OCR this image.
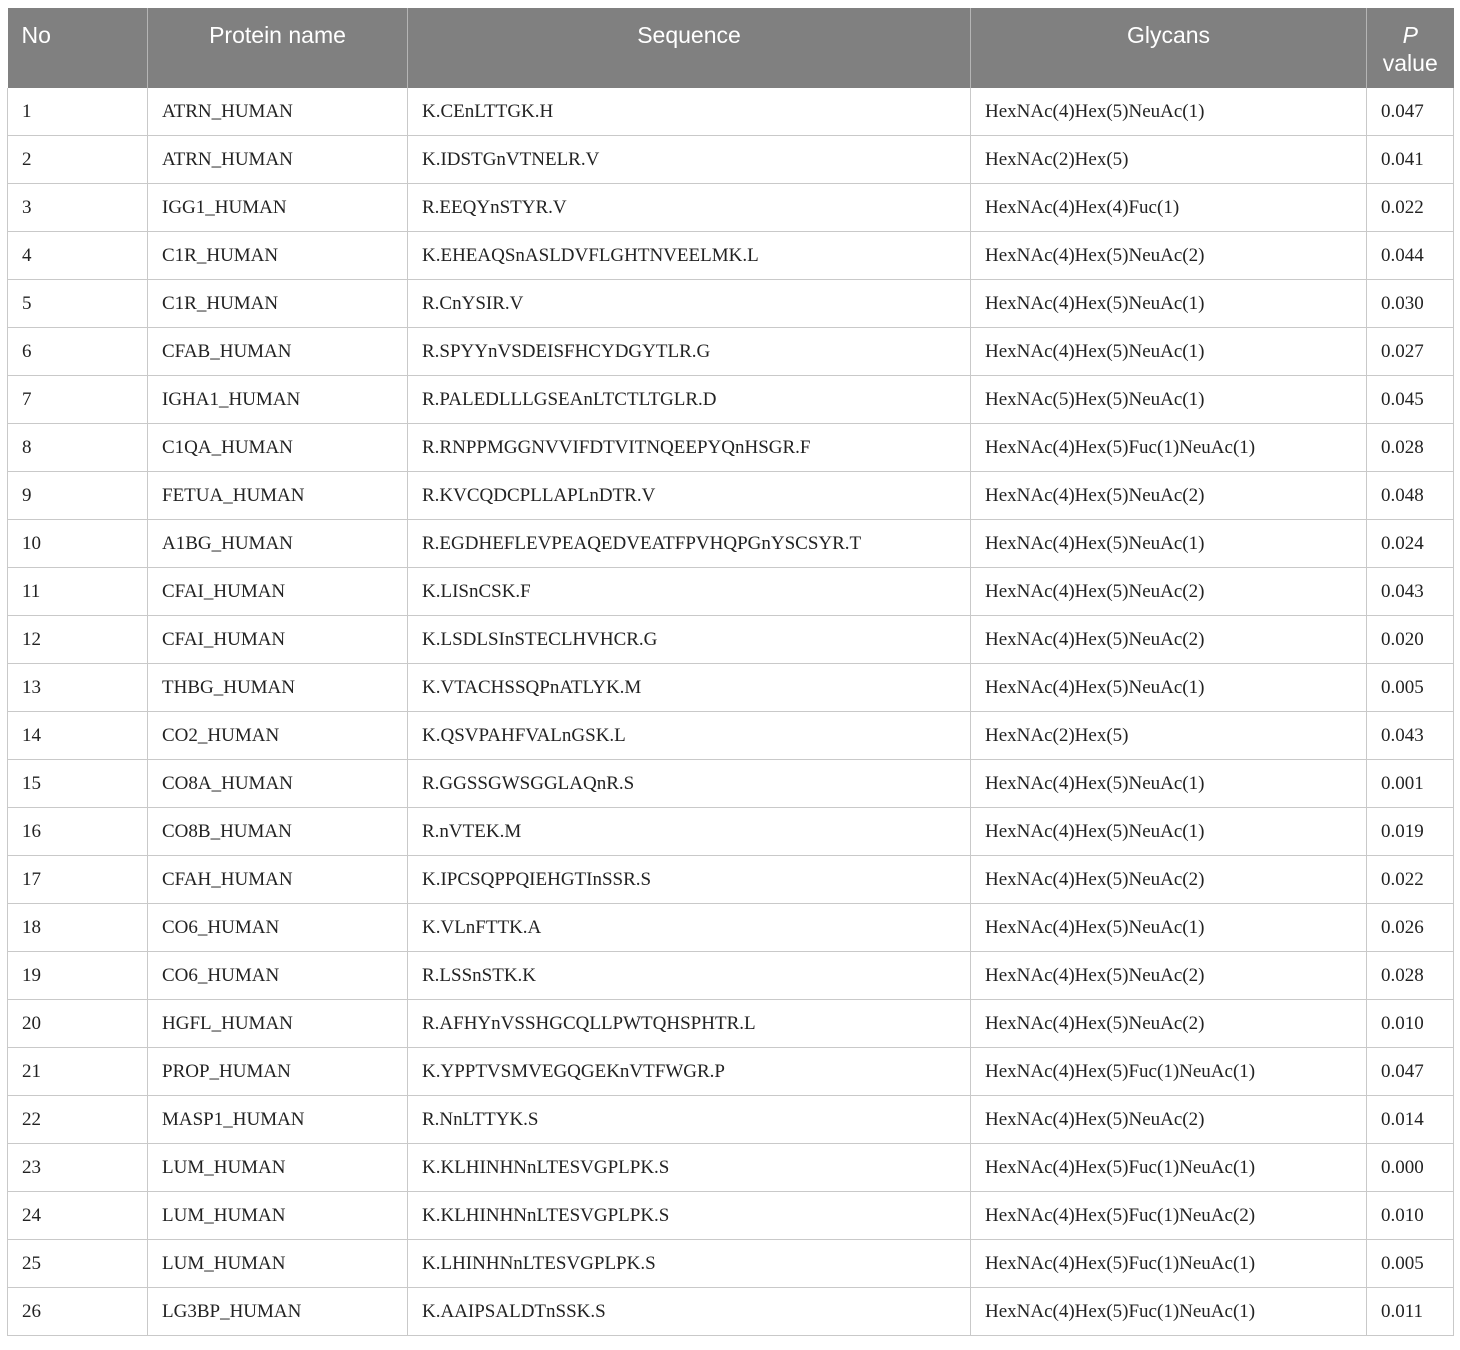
No	Protein name	Sequence	Glycans	P
value

1	ATRN_HUMAN	K.CEnLTTGK.H	HexNAc(4)Hex(5)NeuAc(1)	0.047
2	ATRN_HUMAN	K.IDSTGnVTNELR.V	HexNAc(2)Hex(5)	0.041
3	IGG1_HUMAN	R.EEQYnSTYR.V	HexNAc(4)Hex(4)Fuc(1)	0.022
4	C1R_HUMAN	K.EHEAQSnASLDVFLGHTNVEELMK.L	HexNAc(4)Hex(5)NeuAc(2)	0.044
5	C1R_HUMAN	R.CnYSIR.V	HexNAc(4)Hex(5)NeuAc(1)	0.030
6	CFAB_HUMAN	R.SPYYnVSDEISFHCYDGYTLR.G	HexNAc(4)Hex(5)NeuAc(1)	0.027
7	IGHA1_HUMAN	R.PALEDLLLGSEAnLTCTLTGLR.D	HexNAc(5)Hex(5)NeuAc(1)	0.045
8	C1QA_HUMAN	R.RNPPMGGNVVIFDTVITNQEEPYQnHSGR.F	HexNAc(4)Hex(5)Fuc(1)NeuAc(1)	0.028
9	FETUA_HUMAN	R.KVCQDCPLLAPLnDTR.V	HexNAc(4)Hex(5)NeuAc(2)	0.048
10	A1BG_HUMAN	R.EGDHEFLEVPEAQEDVEATFPVHQPGnYSCSYR.T	HexNAc(4)Hex(5)NeuAc(1)	0.024
11	CFAI_HUMAN	K.LISnCSK.F	HexNAc(4)Hex(5)NeuAc(2)	0.043
12	CFAI_HUMAN	K.LSDLSInSTECLHVHCR.G	HexNAc(4)Hex(5)NeuAc(2)	0.020
13	THBG_HUMAN	K.VTACHSSQPnATLYK.M	HexNAc(4)Hex(5)NeuAc(1)	0.005
14	CO2_HUMAN	K.QSVPAHFVALnGSK.L	HexNAc(2)Hex(5)	0.043
15	CO8A_HUMAN	R.GGSSGWSGGLAQnR.S	HexNAc(4)Hex(5)NeuAc(1)	0.001
16	CO8B_HUMAN	R.nVTEK.M	HexNAc(4)Hex(5)NeuAc(1)	0.019
17	CFAH_HUMAN	K.IPCSQPPQIEHGTInSSR.S	HexNAc(4)Hex(5)NeuAc(2)	0.022
18	CO6_HUMAN	K.VLnFTTK.A	HexNAc(4)Hex(5)NeuAc(1)	0.026
19	CO6_HUMAN	R.LSSnSTK.K	HexNAc(4)Hex(5)NeuAc(2)	0.028
20	HGFL_HUMAN	R.AFHYnVSSHGCQLLPWTQHSPHTR.L	HexNAc(4)Hex(5)NeuAc(2)	0.010
21	PROP_HUMAN	K.YPPTVSMVEGQGEKnVTFWGR.P	HexNAc(4)Hex(5)Fuc(1)NeuAc(1)	0.047
22	MASP1_HUMAN	R.NnLTTYK.S	HexNAc(4)Hex(5)NeuAc(2)	0.014
23	LUM_HUMAN	K.KLHINHNnLTESVGPLPK.S	HexNAc(4)Hex(5)Fuc(1)NeuAc(1)	0.000
24	LUM_HUMAN	K.KLHINHNnLTESVGPLPK.S	HexNAc(4)Hex(5)Fuc(1)NeuAc(2)	0.010
25	LUM_HUMAN	K.LHINHNnLTESVGPLPK.S	HexNAc(4)Hex(5)Fuc(1)NeuAc(1)	0.005
26	LG3BP_HUMAN	K.AAIPSALDTnSSK.S	HexNAc(4)Hex(5)Fuc(1)NeuAc(1)	0.011
